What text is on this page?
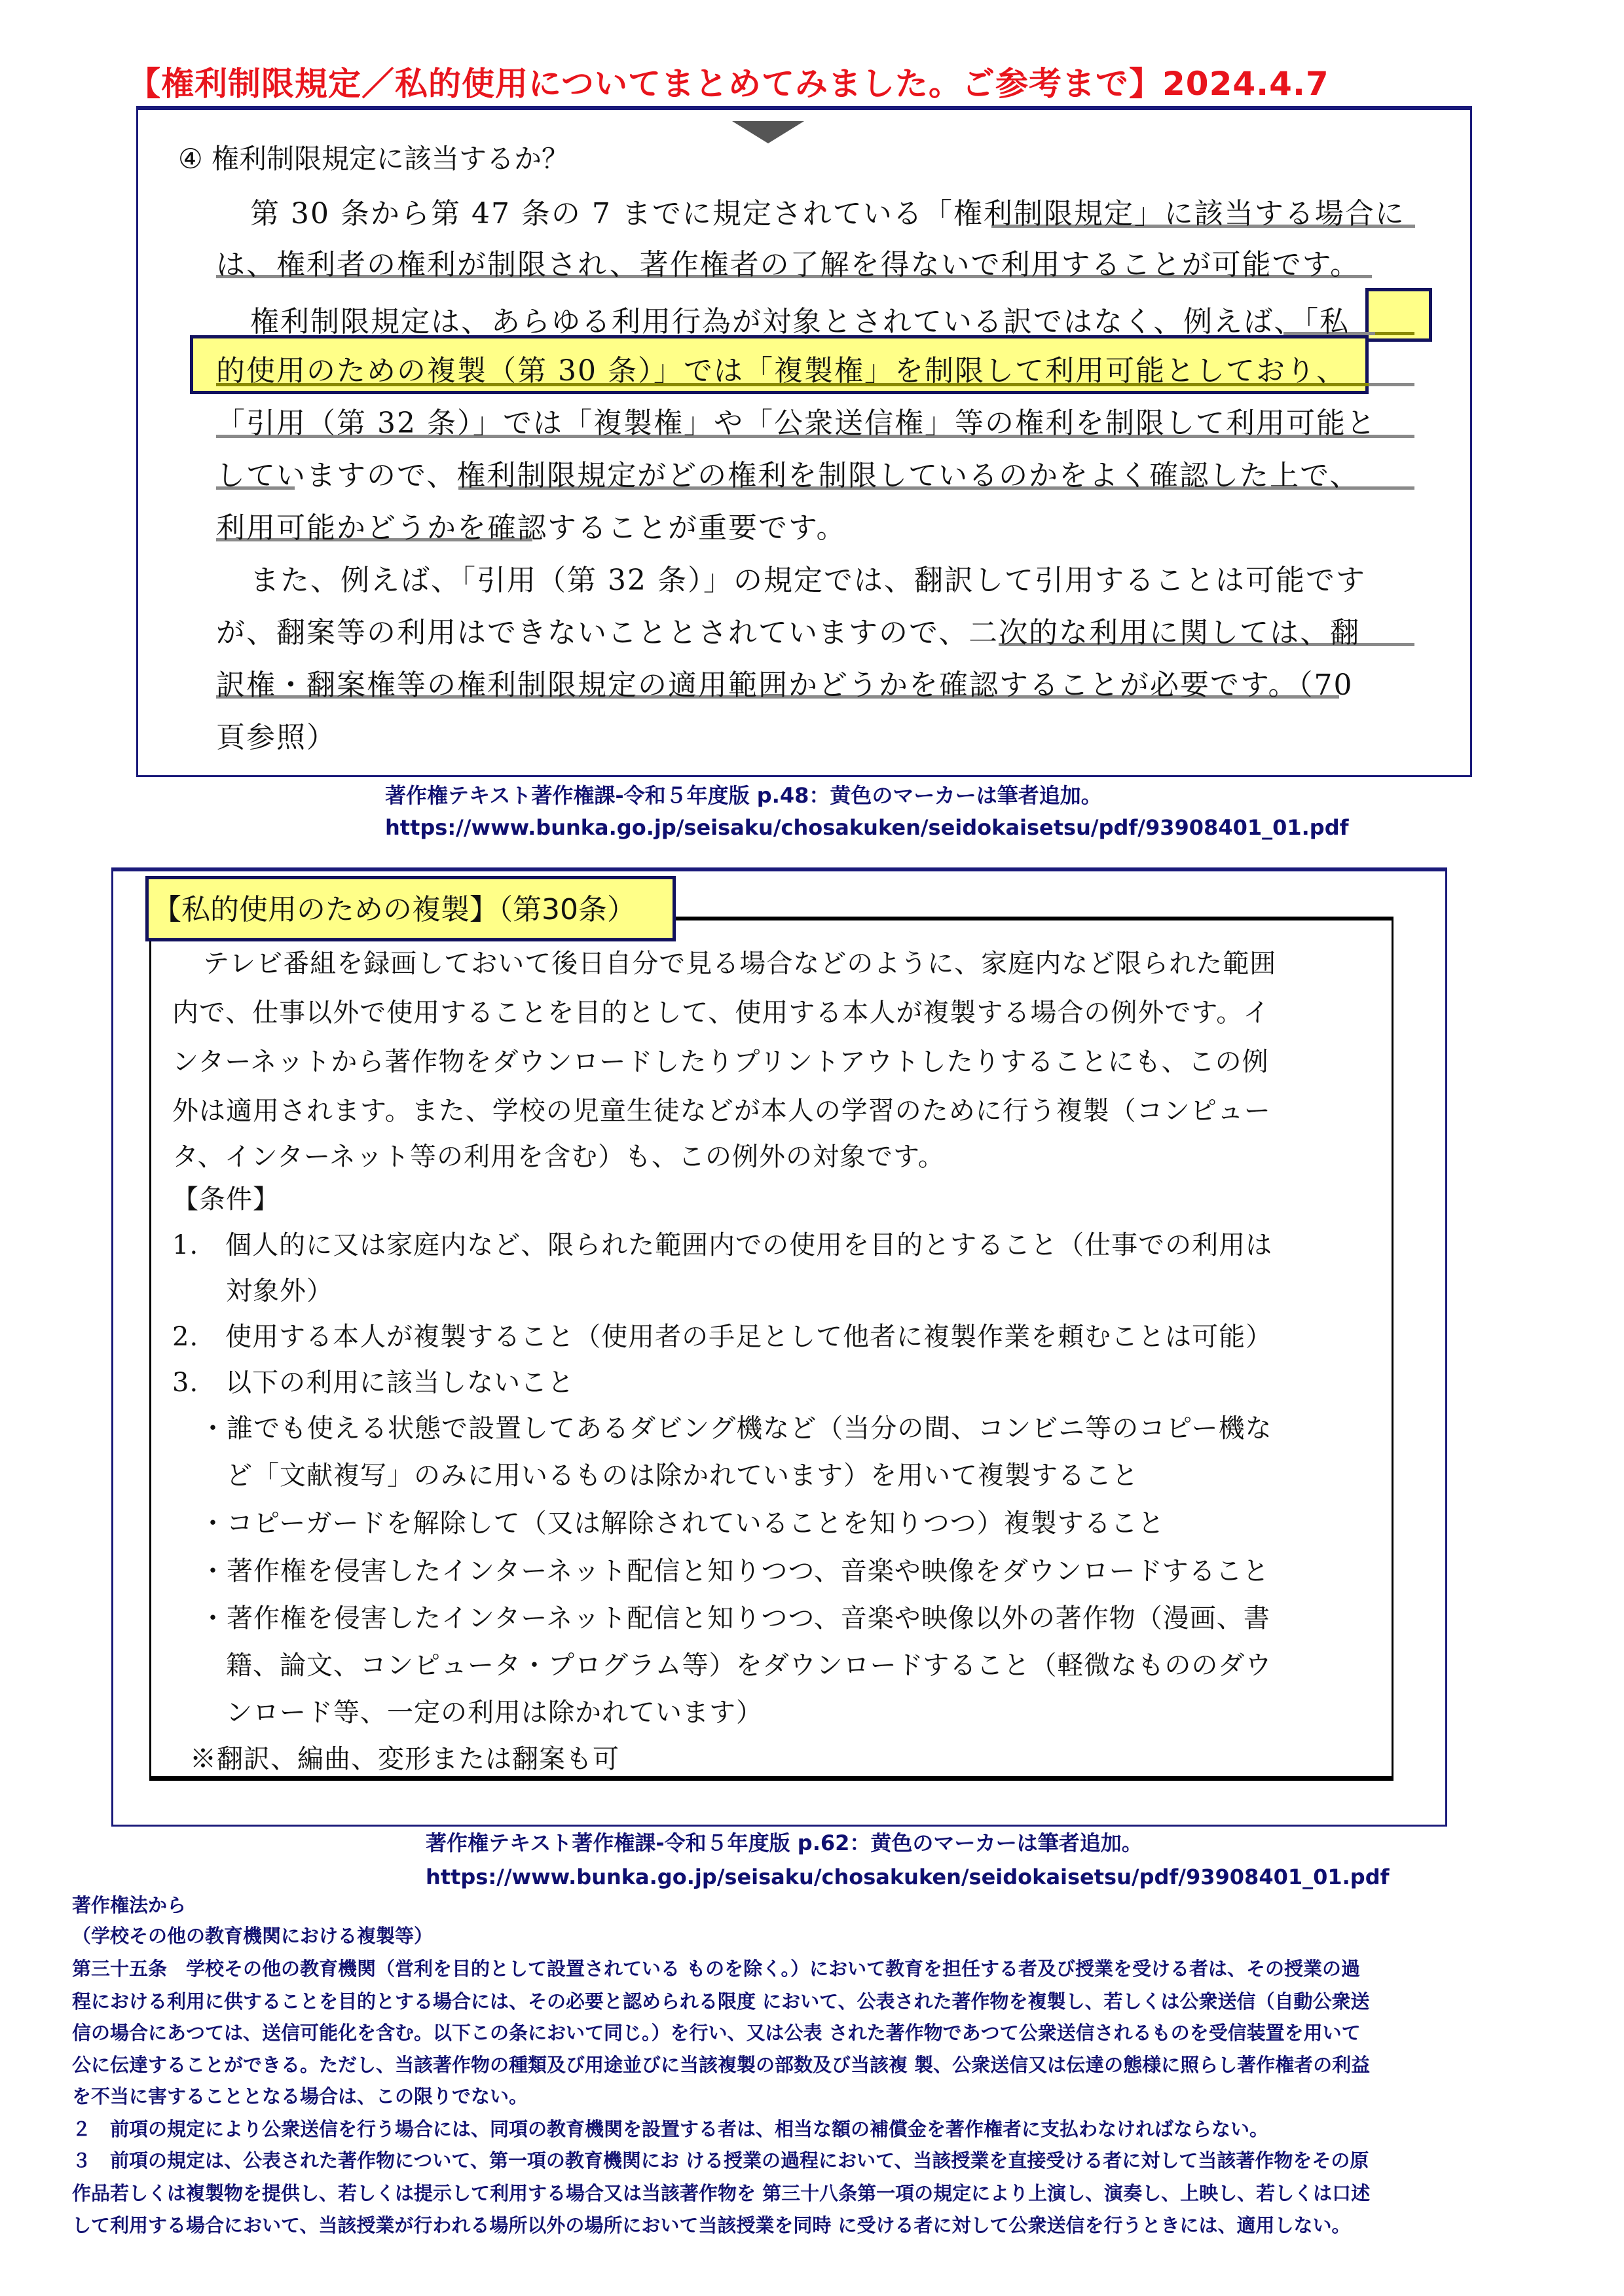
【権利制限規定／私的使用についてまとめてみました。ご参考まで】2024.4.7
④ 権利制限規定に該当するか？
第 30 条から第 47 条の 7 までに規定されている「権利制限規定」に該当する場合に
は、権利者の権利が制限され、著作権者の了解を得ないで利用することが可能です。
権利制限規定は、あらゆる利用行為が対象とされている訳ではなく、例えば、「私
的使用のための複製（第 30 条）」では「複製権」を制限して利用可能としており、
「引用（第 32 条）」では「複製権」や「公衆送信権」等の権利を制限して利用可能と
していますので、権利制限規定がどの権利を制限しているのかをよく確認した上で、
利用可能かどうかを確認することが重要です。
また、例えば、「引用（第 32 条）」の規定では、翻訳して引用することは可能です
が、翻案等の利用はできないこととされていますので、二次的な利用に関しては、翻
訳権・翻案権等の権利制限規定の適用範囲かどうかを確認することが必要です。（70
頁参照）
著作権テキスト著作権課-令和５年度版 p.48：黄色のマーカーは筆者追加。
https://www.bunka.go.jp/seisaku/chosakuken/seidokaisetsu/pdf/93908401_01.pdf
【私的使用のための複製】（第30条）
テレビ番組を録画しておいて後日自分で見る場合などのように、家庭内など限られた範囲
内で、仕事以外で使用することを目的として、使用する本人が複製する場合の例外です。イ
ンターネットから著作物をダウンロードしたりプリントアウトしたりすることにも、この例
外は適用されます。また、学校の児童生徒などが本人の学習のために行う複製（コンピュー
タ、インターネット等の利用を含む）も、この例外の対象です。
【条件】
1.　個人的に又は家庭内など、限られた範囲内での使用を目的とすること（仕事での利用は
対象外）
2.　使用する本人が複製すること（使用者の手足として他者に複製作業を頼むことは可能）
3.　以下の利用に該当しないこと
・誰でも使える状態で設置してあるダビング機など（当分の間、コンビニ等のコピー機な
ど「文献複写」のみに用いるものは除かれています）を用いて複製すること
・コピーガードを解除して（又は解除されていることを知りつつ）複製すること
・著作権を侵害したインターネット配信と知りつつ、音楽や映像をダウンロードすること
・著作権を侵害したインターネット配信と知りつつ、音楽や映像以外の著作物（漫画、書
籍、論文、コンピュータ・プログラム等）をダウンロードすること（軽微なもののダウ
ンロード等、一定の利用は除かれています）
※翻訳、編曲、変形または翻案も可
著作権テキスト著作権課-令和５年度版 p.62：黄色のマーカーは筆者追加。
https://www.bunka.go.jp/seisaku/chosakuken/seidokaisetsu/pdf/93908401_01.pdf
著作権法から
（学校その他の教育機関における複製等）
第三十五条　学校その他の教育機関（営利を目的として設置されている ものを除く。）において教育を担任する者及び授業を受ける者は、その授業の過
程における利用に供することを目的とする場合には、その必要と認められる限度 において、公表された著作物を複製し、若しくは公衆送信（自動公衆送
信の場合にあつては、送信可能化を含む。以下この条において同じ。）を行い、又は公表 された著作物であつて公衆送信されるものを受信装置を用いて
公に伝達することができる。ただし、当該著作物の種類及び用途並びに当該複製の部数及び当該複 製、公衆送信又は伝達の態様に照らし著作権者の利益
を不当に害することとなる場合は、この限りでない。
２　前項の規定により公衆送信を行う場合には、同項の教育機関を設置する者は、相当な額の補償金を著作権者に支払わなければならない。
３　前項の規定は、公表された著作物について、第一項の教育機関にお ける授業の過程において、当該授業を直接受ける者に対して当該著作物をその原
作品若しくは複製物を提供し、若しくは提示して利用する場合又は当該著作物を 第三十八条第一項の規定により上演し、演奏し、上映し、若しくは口述
して利用する場合において、当該授業が行われる場所以外の場所において当該授業を同時 に受ける者に対して公衆送信を行うときには、適用しない。
